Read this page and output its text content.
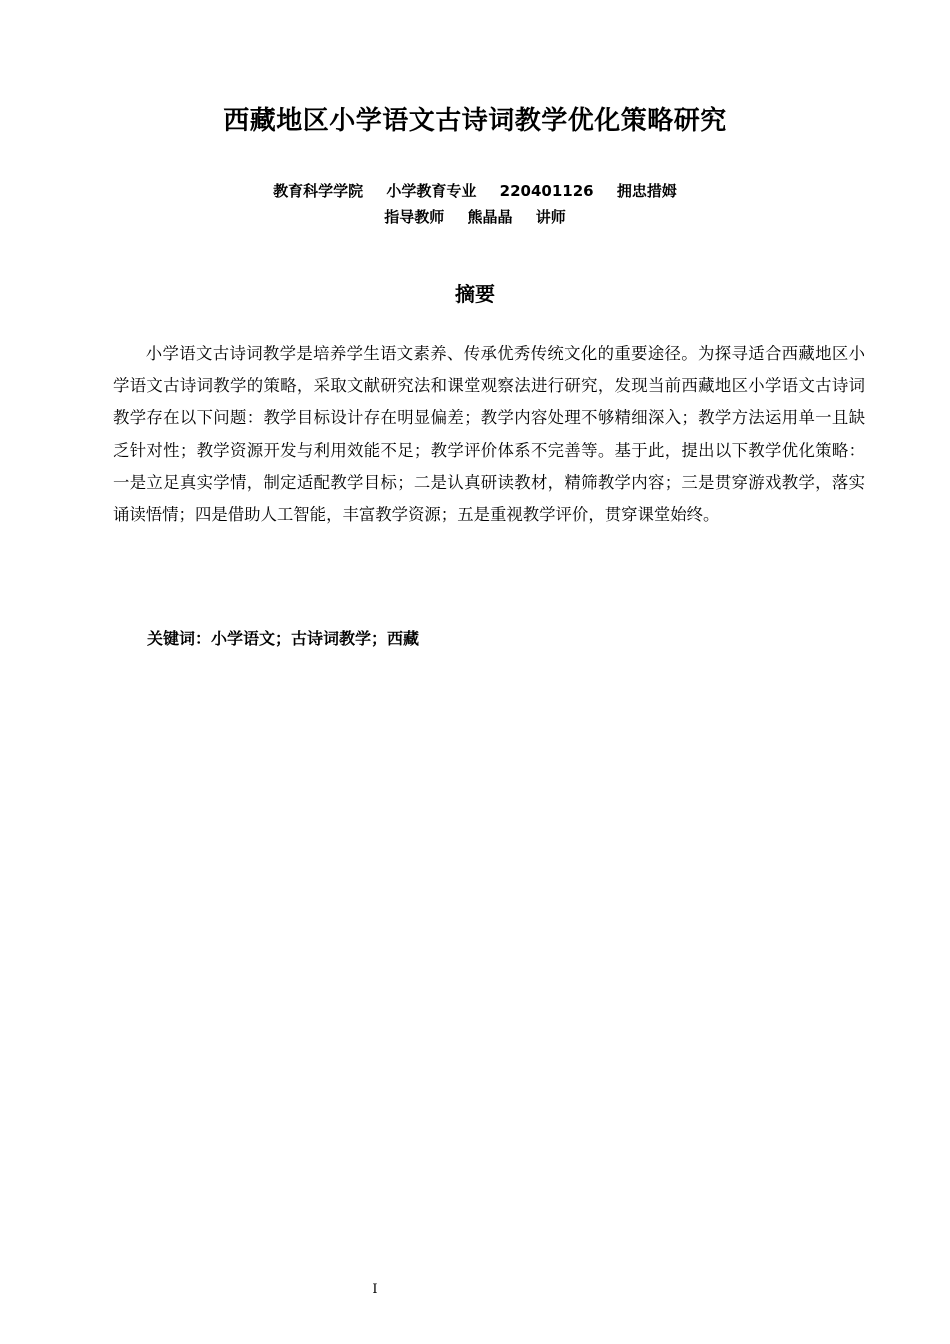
西藏地区小学语文古诗词教学优化策略研究
教育科学学院 小学教育专业 220401126 拥忠措姆
指导教师 熊晶晶 讲师
摘要

小学语文古诗词教学是培养学生语文素养、传承优秀传统文化的重要途径。为探寻适合西藏地区小学语文古诗词教学的策略，采取文献研究法和课堂观察法进行研究，发现当前西藏地区小学语文古诗词教学存在以下问题：教学目标设计存在明显偏差；教学内容处理不够精细深入；教学方法运用单一且缺乏针对性；教学资源开发与利用效能不足；教学评价体系不完善等。基于此，提出以下教学优化策略：一是立足真实学情，制定适配教学目标；二是认真研读教材，精筛教学内容；三是贯穿游戏教学，落实诵读悟情；四是借助人工智能，丰富教学资源；五是重视教学评价，贯穿课堂始终。

关键词：小学语文；古诗词教学；西藏
I
